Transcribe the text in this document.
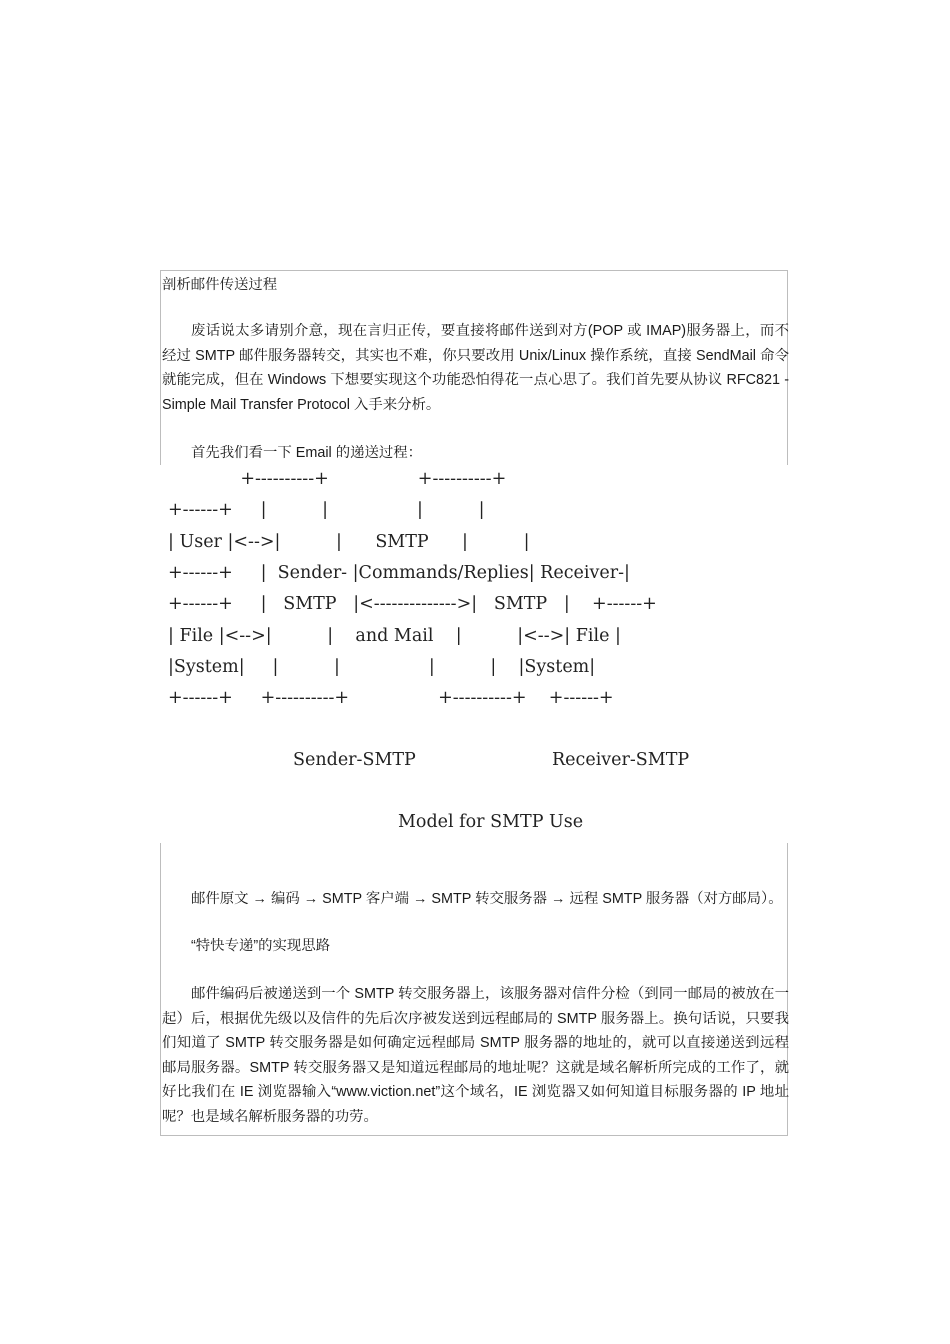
剖析邮件传送过程
废话说太多请别介意，现在言归正传，要直接将邮件送到对方(POP 或 IMAP)服务器上，而不经过 SMTP 邮件服务器转交，其实也不难，你只要改用 Unix/Linux 操作系统，直接 SendMail 命令就能完成，但在 Windows 下想要实现这个功能恐怕得花一点心思了。我们首先要从协议 RFC821 - Simple Mail Transfer Protocol 入手来分析。
首先我们看一下 Email 的递送过程：
+----------+                +----------+
+------+     |          |                |          |
| User |<-->|          |      SMTP      |          |
+------+     |  Sender- |Commands/Replies| Receiver-|
+------+     |   SMTP   |<-------------->|   SMTP   |    +------+
| File |<-->|          |    and Mail    |          |<-->| File |
|System|     |          |                |          |    |System|
+------+     +----------+                +----------+    +------+
Sender-SMTP	Receiver-SMTP
Model for SMTP Use
邮件原文 → 编码 → SMTP 客户端 → SMTP 转交服务器 → 远程 SMTP 服务器（对方邮局）。
“特快专递”的实现思路
邮件编码后被递送到一个 SMTP 转交服务器上，该服务器对信件分检（到同一邮局的被放在一起）后，根据优先级以及信件的先后次序被发送到远程邮局的 SMTP 服务器上。换句话说，只要我们知道了 SMTP 转交服务器是如何确定远程邮局 SMTP 服务器的地址的，就可以直接递送到远程邮局服务器。SMTP 转交服务器又是知道远程邮局的地址呢？这就是域名解析所完成的工作了，就好比我们在 IE 浏览器输入“www.viction.net”这个域名，IE 浏览器又如何知道目标服务器的 IP 地址呢？也是域名解析服务器的功劳。
